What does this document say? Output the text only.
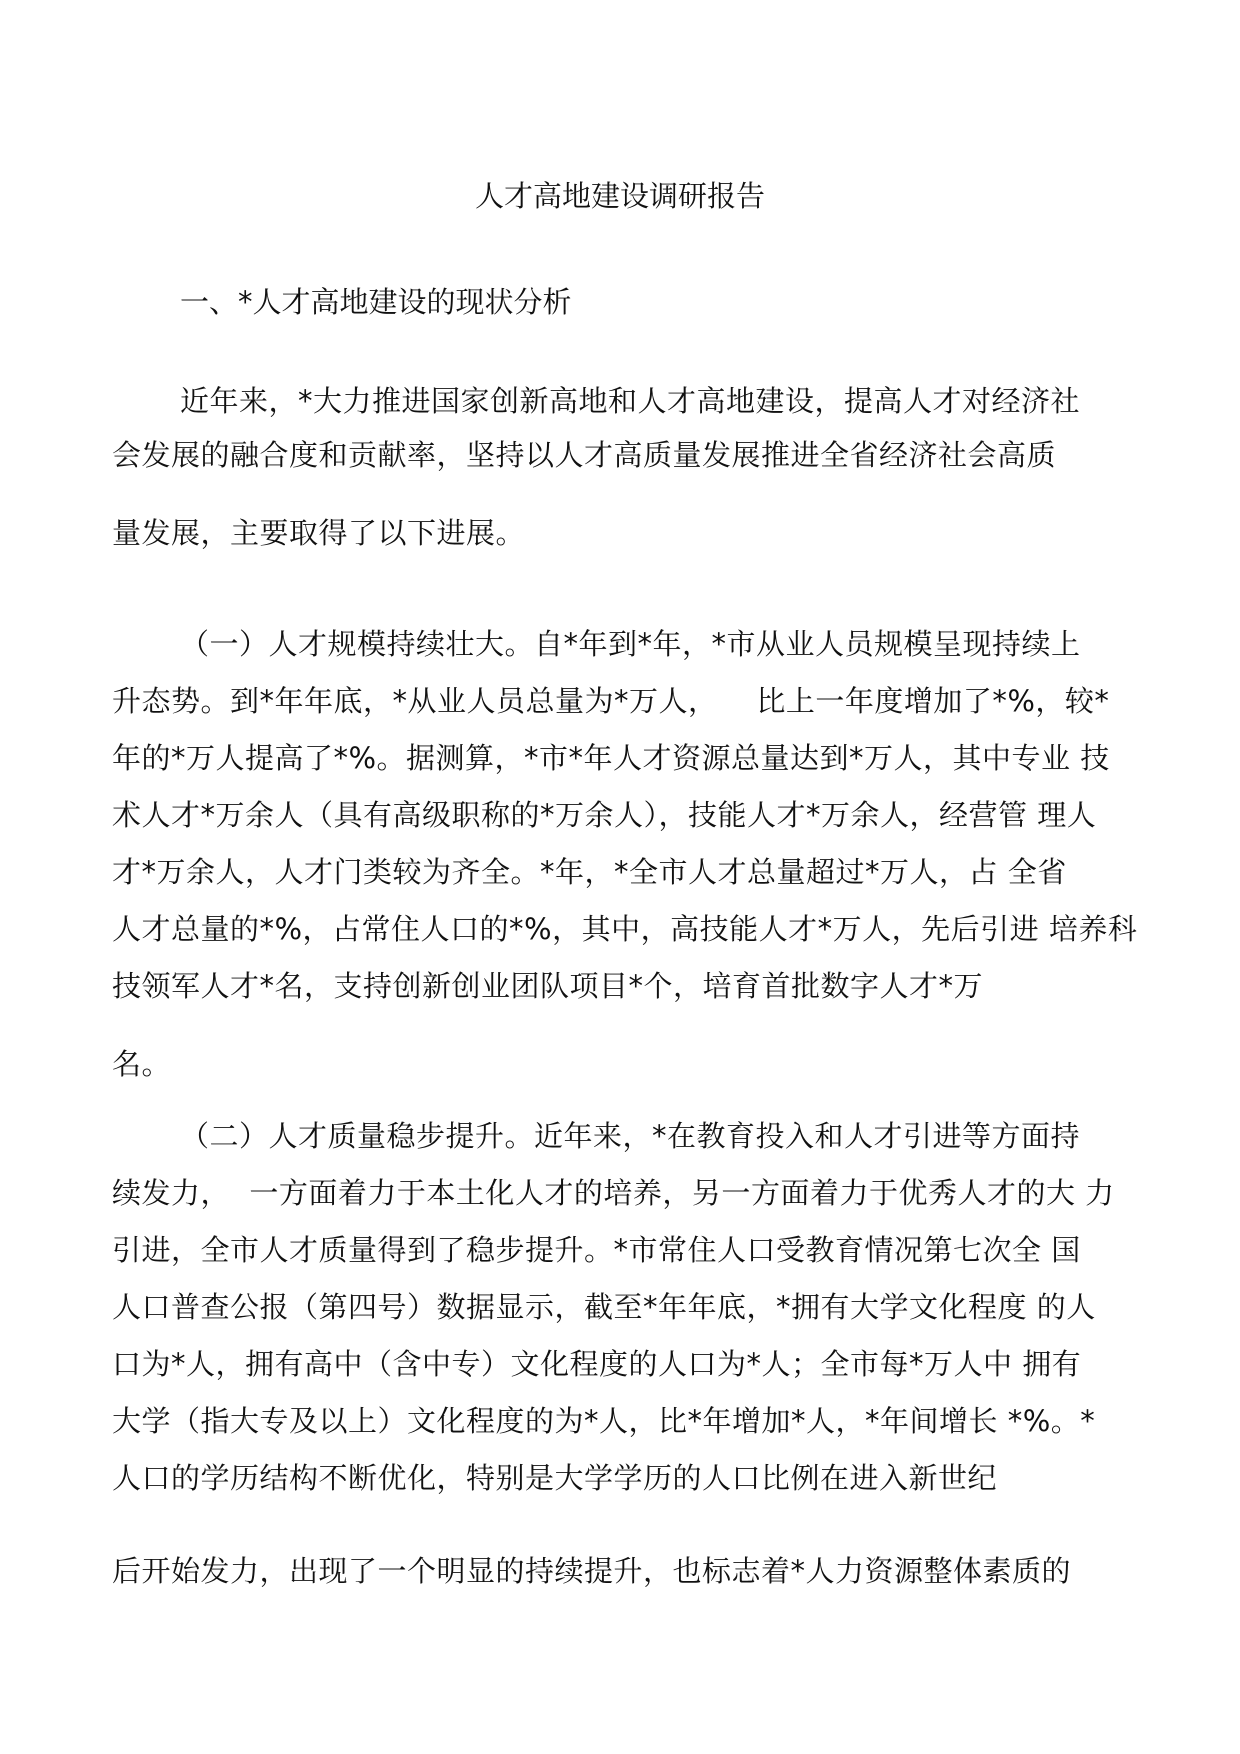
人才高地建设调研报告
一、*人才高地建设的现状分析
近年来，*大力推进国家创新高地和人才高地建设，提高人才对经济社
会发展的融合度和贡献率，坚持以人才高质量发展推进全省经济社会高质
量发展，主要取得了以下进展。
（一）人才规模持续壮大。自*年到*年，*市从业人员规模呈现持续上
升态势。到*年年底，*从业人员总量为*万人，    比上一年度增加了*%，较*
年的*万人提高了*%。据测算，*市*年人才资源总量达到*万人，其中专业 技
术人才*万余人（具有高级职称的*万余人），技能人才*万余人，经营管 理人
才*万余人，人才门类较为齐全。*年，*全市人才总量超过*万人，占 全省
人才总量的*%，占常住人口的*%，其中，高技能人才*万人，先后引进 培养科
技领军人才*名，支持创新创业团队项目*个，培育首批数字人才*万
名。
（二）人才质量稳步提升。近年来，*在教育投入和人才引进等方面持
续发力，  一方面着力于本土化人才的培养，另一方面着力于优秀人才的大 力
引进，全市人才质量得到了稳步提升。*市常住人口受教育情况第七次全 国
人口普查公报（第四号）数据显示，截至*年年底，*拥有大学文化程度 的人
口为*人，拥有高中（含中专）文化程度的人口为*人；全市每*万人中 拥有
大学（指大专及以上）文化程度的为*人，比*年增加*人，*年间增长 *%。*
人口的学历结构不断优化，特别是大学学历的人口比例在进入新世纪
后开始发力，出现了一个明显的持续提升，也标志着*人力资源整体素质的
